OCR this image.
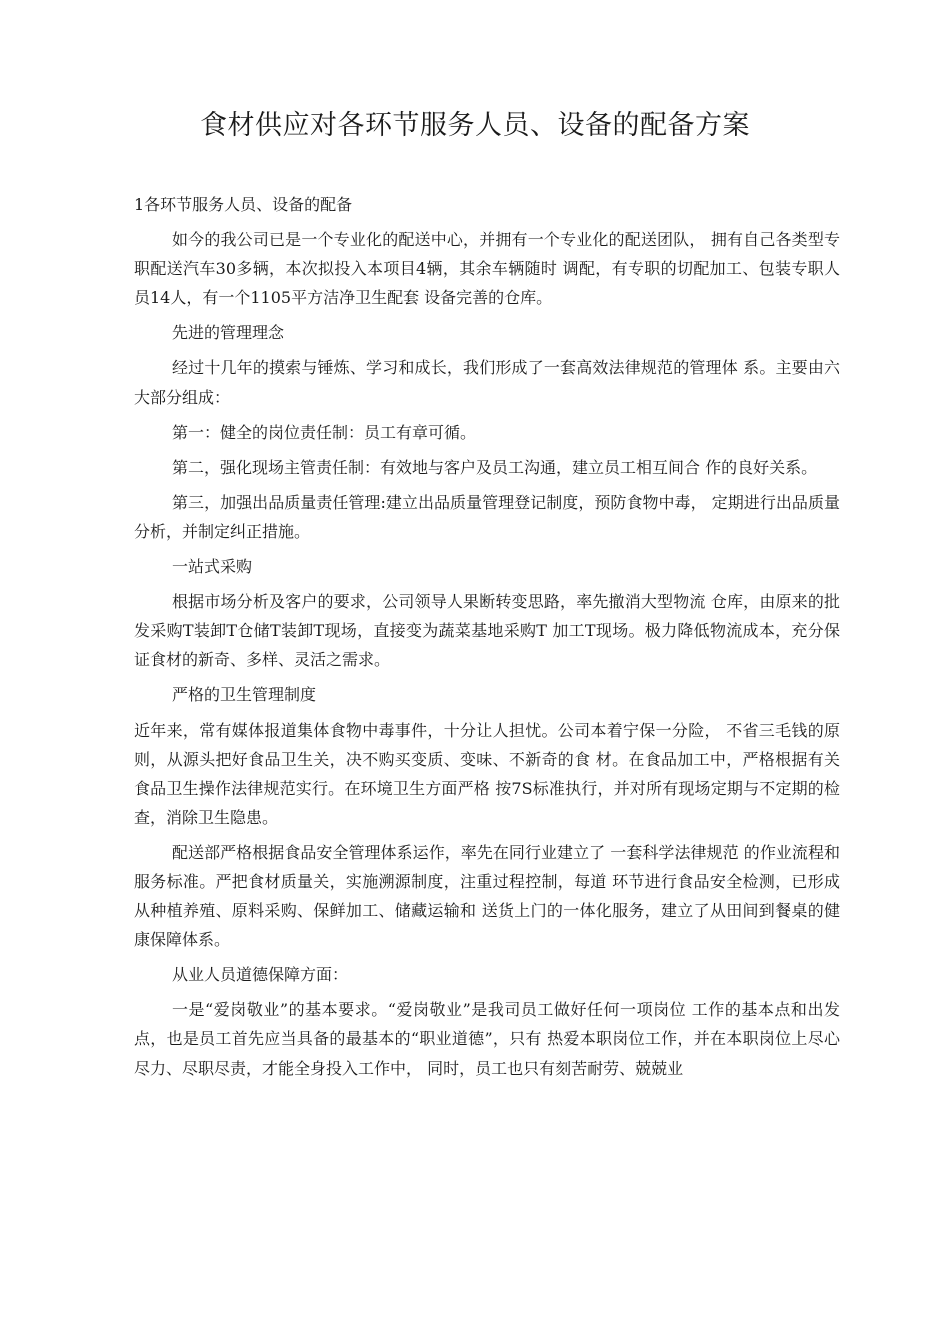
食材供应对各环节服务人员、设备的配备方案

1各环节服务人员、设备的配备

如今的我公司已是一个专业化的配送中心，并拥有一个专业化的配送团队， 拥有自己各类型专职配送汽车30多辆，本次拟投入本项目4辆，其余车辆随时 调配，有专职的切配加工、包装专职人员14人，有一个1105平方洁净卫生配套 设备完善的仓库。

先进的管理理念

经过十几年的摸索与锤炼、学习和成长，我们形成了一套高效法律规范的管理体 系。主要由六大部分组成：

第一：健全的岗位责任制：员工有章可循。

第二，强化现场主管责任制：有效地与客户及员工沟通，建立员工相互间合 作的良好关系。

第三，加强出品质量责任管理:建立出品质量管理登记制度，预防食物中毒， 定期进行出品质量分析，并制定纠正措施。

一站式采购

根据市场分析及客户的要求，公司领导人果断转变思路，率先撤消大型物流 仓库，由原来的批发采购T装卸T仓储T装卸T现场，直接变为蔬菜基地采购T 加工T现场。极力降低物流成本，充分保证食材的新奇、多样、灵活之需求。

严格的卫生管理制度

近年来，常有媒体报道集体食物中毒事件，十分让人担忧。公司本着宁保一分险， 不省三毛钱的原则，从源头把好食品卫生关，决不购买变质、变味、不新奇的食 材。在食品加工中，严格根据有关食品卫生操作法律规范实行。在环境卫生方面严格 按7S标准执行，并对所有现场定期与不定期的检查，消除卫生隐患。

配送部严格根据食品安全管理体系运作，率先在同行业建立了 一套科学法律规范 的作业流程和服务标准。严把食材质量关，实施溯源制度，注重过程控制，每道 环节进行食品安全检测，已形成从种植养殖、原料采购、保鲜加工、储藏运输和 送货上门的一体化服务，建立了从田间到餐桌的健康保障体系。

从业人员道德保障方面：

一是“爱岗敬业”的基本要求。“爱岗敬业”是我司员工做好任何一项岗位 工作的基本点和出发点，也是员工首先应当具备的最基本的“职业道德”，只有 热爱本职岗位工作，并在本职岗位上尽心尽力、尽职尽责，才能全身投入工作中， 同时，员工也只有刻苦耐劳、兢兢业
